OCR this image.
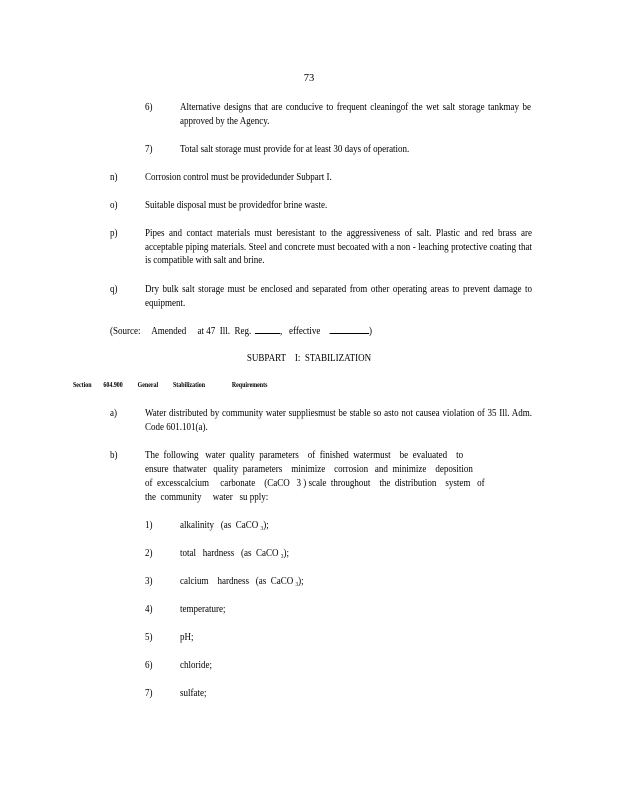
73
6)	Alternative designs that are conducive to frequent cleaningof the wet salt storage tankmay be approved by the Agency.
7)	Total salt storage must provide for at least 30 days of operation.
n)	Corrosion control must be providedunder Subpart I.
o)	Suitable disposal must be providedfor brine waste.
p)	Pipes and contact materials must beresistant to the aggressiveness of salt. Plastic and red brass are acceptable piping materials. Steel and concrete must becoated with a non - leaching protective coating that is compatible with salt and brine.
q)	Dry bulk salt storage must be enclosed and separated from other operating areas to prevent damage to equipment.
(Source:     Amended     at 47  Ill.  Reg.	,   effective	)
SUBPART    I:  STABILIZATION
Section        604.900          General          Stabilization                  Requirements
a)	Water distributed by community water suppliesmust be stable so asto not causea violation of 35 Ill. Adm. Code 601.101(a).
b)	The  following   water  quality  parameters    of  finished  watermust    be  evaluated    to
ensure  thatwater   quality  parameters    minimize    corrosion   and  minimize    deposition
of  excesscalcium     carbonate    (CaCO   3 ) scale  throughout    the  distribution    system   of
the  community     water   su pply:
1)	alkalinity   (as  CaCO $_3$);
2)	total   hardness   (as  CaCO $_3$);
3)	calcium    hardness   (as  CaCO $_3$);
4)	temperature;
5)	pH;
6)	chloride;
7)	sulfate;
